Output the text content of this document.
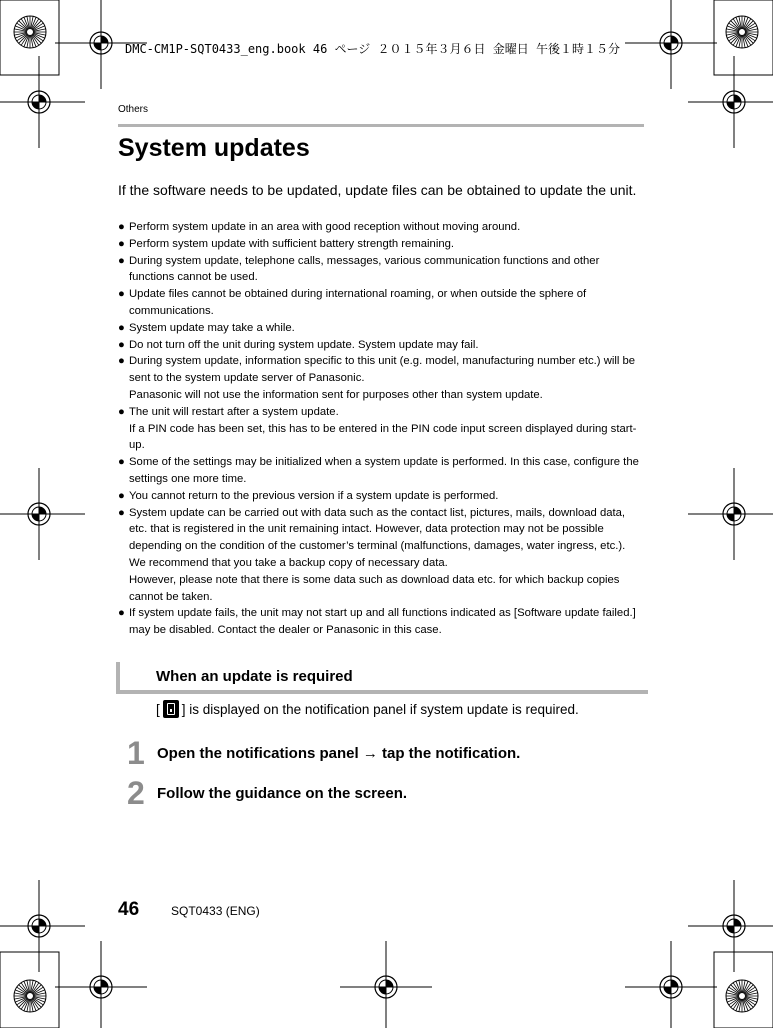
DMC-CM1P-SQT0433_eng.book 46 ページ ２０１５年３月６日 金曜日 午後１時１５分
Others
System updates

If the software needs to be updated, update files can be obtained to update the unit.

● Perform system update in an area with good reception without moving around.
● Perform system update with sufficient battery strength remaining.
● During system update, telephone calls, messages, various communication functions and other functions cannot be used.
● Update files cannot be obtained during international roaming, or when outside the sphere of communications.
● System update may take a while.
● Do not turn off the unit during system update. System update may fail.
● During system update, information specific to this unit (e.g. model, manufacturing number etc.) will be sent to the system update server of Panasonic.
Panasonic will not use the information sent for purposes other than system update.
● The unit will restart after a system update.
If a PIN code has been set, this has to be entered in the PIN code input screen displayed during start-up.
● Some of the settings may be initialized when a system update is performed. In this case, configure the settings one more time.
● You cannot return to the previous version if a system update is performed.
● System update can be carried out with data such as the contact list, pictures, mails, download data, etc. that is registered in the unit remaining intact. However, data protection may not be possible depending on the condition of the customer’s terminal (malfunctions, damages, water ingress, etc.). We recommend that you take a backup copy of necessary data.
However, please note that there is some data such as download data etc. for which backup copies cannot be taken.
● If system update fails, the unit may not start up and all functions indicated as [Software update failed.] may be disabled. Contact the dealer or Panasonic in this case.
When an update is required
[ ] is displayed on the notification panel if system update is required.
1 Open the notifications panel → tap the notification.
2 Follow the guidance on the screen.
46	SQT0433 (ENG)
